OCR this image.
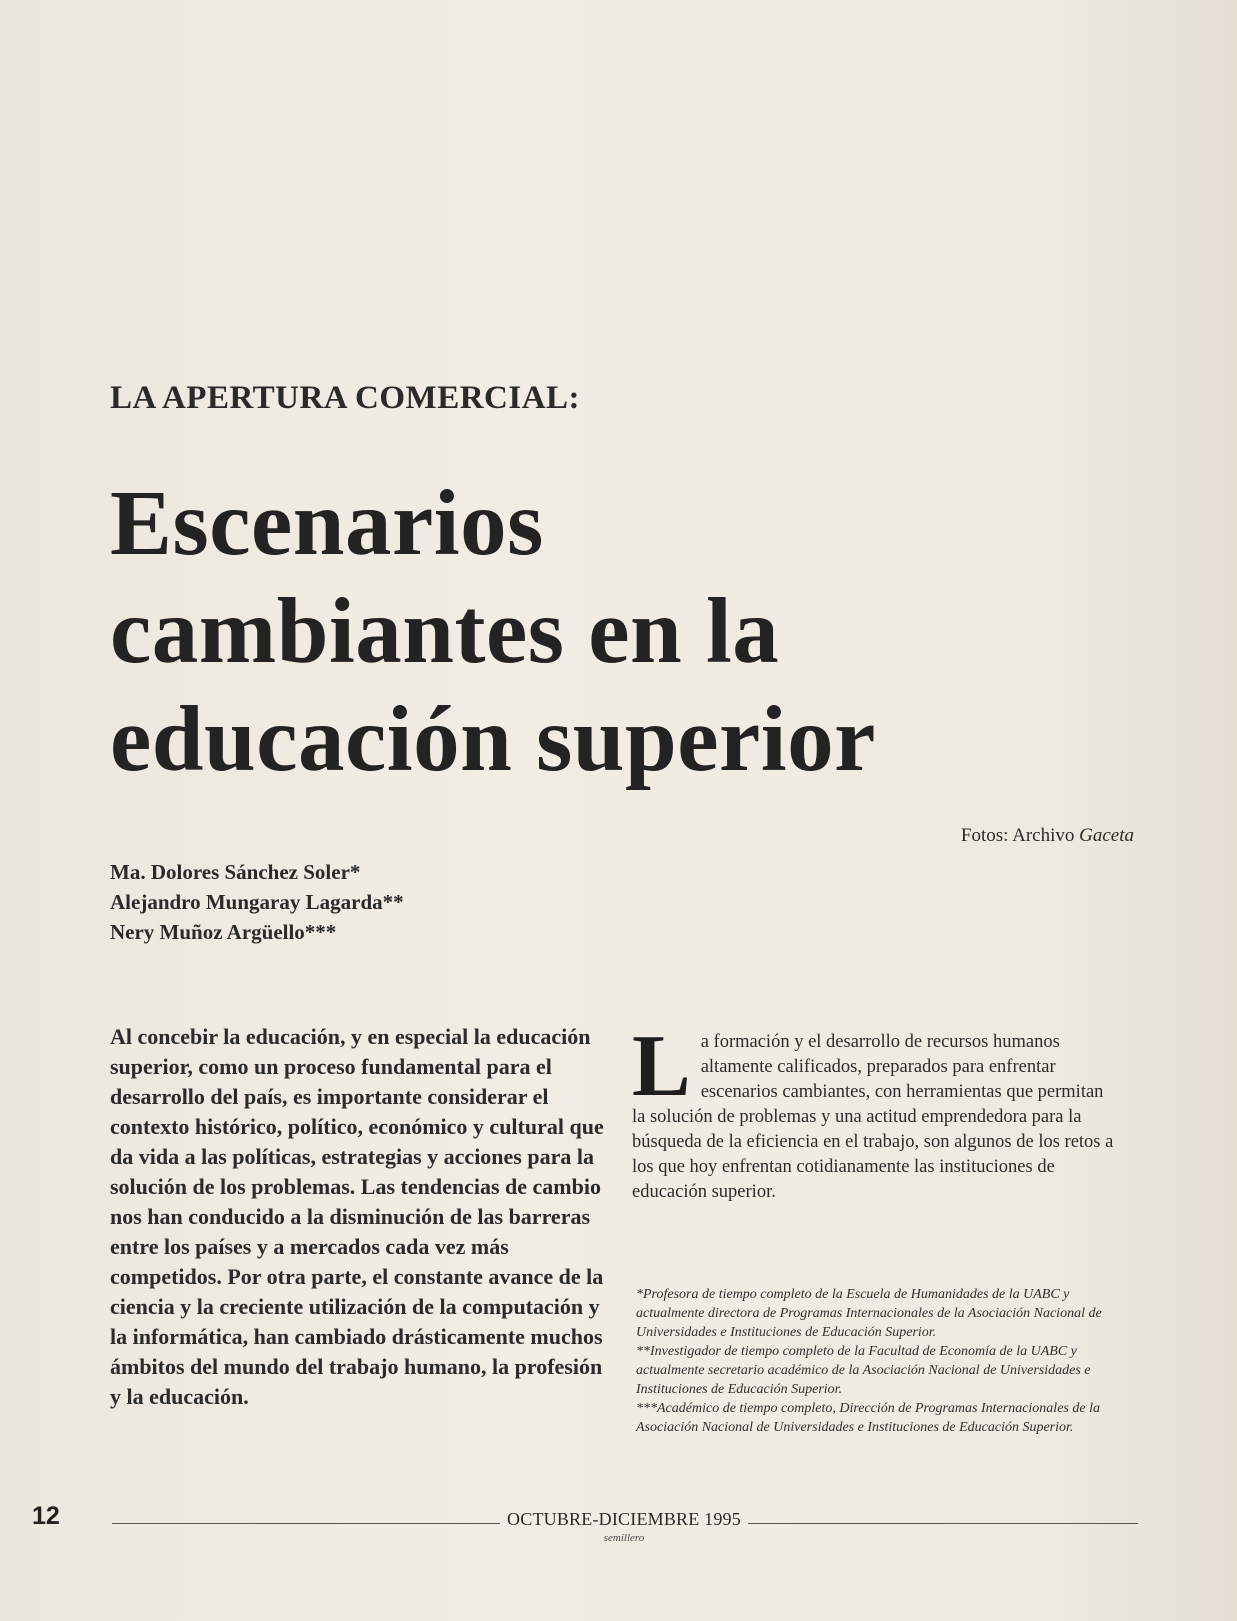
LA APERTURA COMERCIAL:
Escenarios
cambiantes en la
educación superior
Fotos: Archivo Gaceta
Ma. Dolores Sánchez Soler*
Alejandro Mungaray Lagarda**
Nery Muñoz Argüello***

Al concebir la educación, y en especial la educación superior, como un proceso fundamental para el desarrollo del país, es importante considerar el contexto histórico, político, económico y cultural que da vida a las políticas, estrategias y acciones para la solución de los problemas. Las tendencias de cambio nos han conducido a la disminución de las barreras entre los países y a mercados cada vez más competidos. Por otra parte, el constante avance de la ciencia y la creciente utilización de la computación y la informática, han cambiado drásticamente muchos ámbitos del mundo del trabajo humano, la profesión y la educación.

La formación y el desarrollo de recursos humanos altamente calificados, preparados para enfrentar escenarios cambiantes, con herramientas que permitan la solución de problemas y una actitud emprendedora para la búsqueda de la eficiencia en el trabajo, son algunos de los retos a los que hoy enfrentan cotidianamente las instituciones de educación superior.

*Profesora de tiempo completo de la Escuela de Humanidades de la UABC y actualmente directora de Programas Internacionales de la Asociación Nacional de Universidades e Instituciones de Educación Superior.

**Investigador de tiempo completo de la Facultad de Economía de la UABC y actualmente secretario académico de la Asociación Nacional de Universidades e Instituciones de Educación Superior.

***Académico de tiempo completo, Dirección de Programas Internacionales de la Asociación Nacional de Universidades e Instituciones de Educación Superior.

12	OCTUBRE-DICIEMBRE 1995
semillero
